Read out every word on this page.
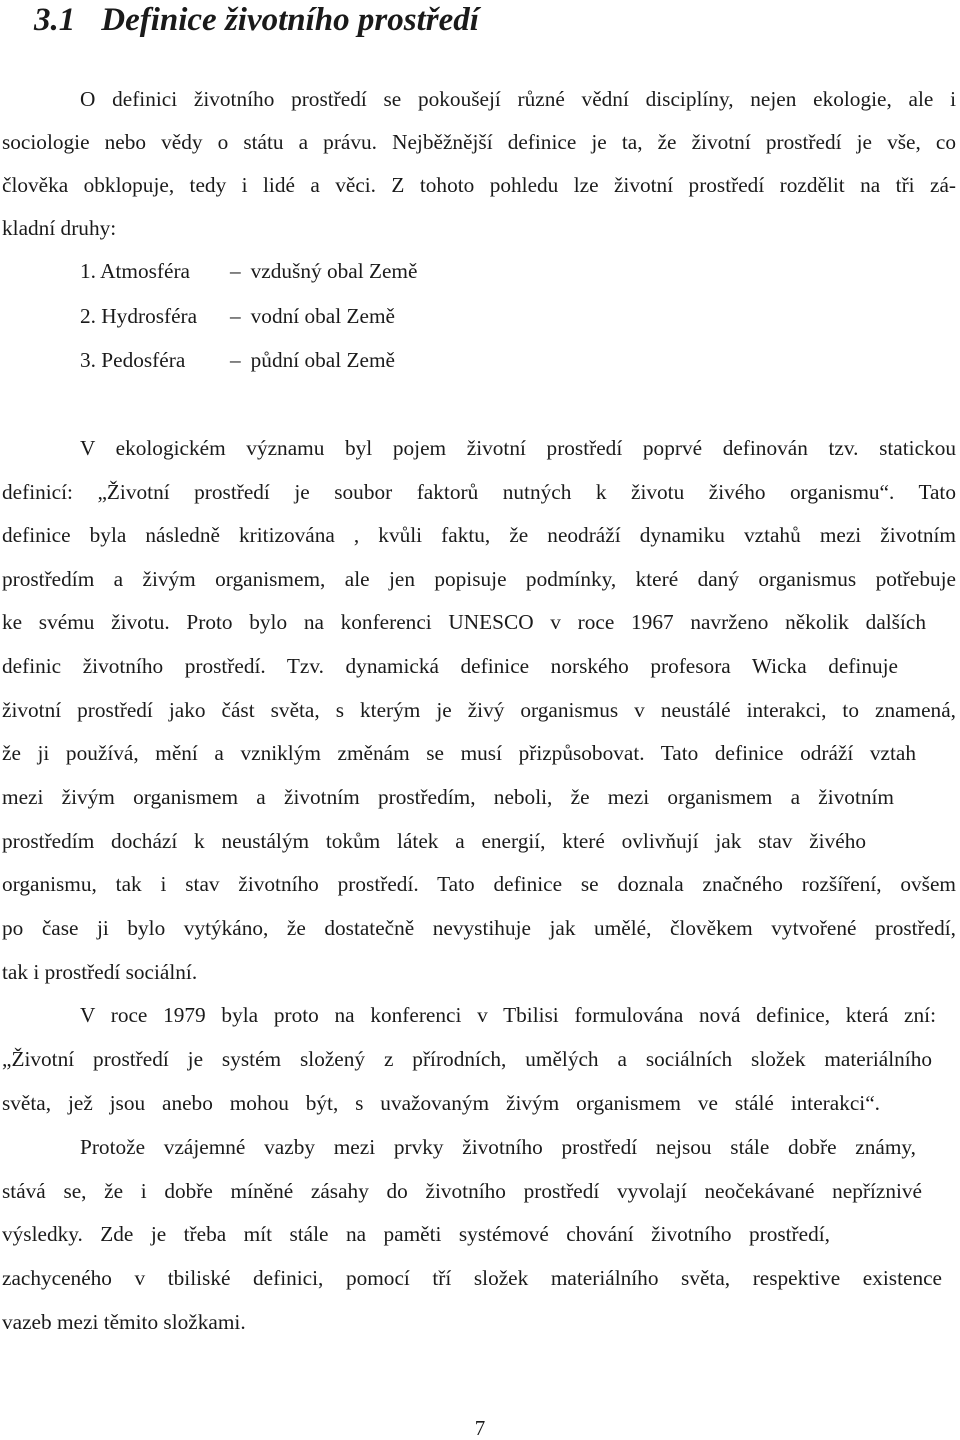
3.1 Definice životního prostředí

O definici životního prostředí se pokoušejí různé vědní disciplíny, nejen ekologie, ale i

sociologie nebo vědy o státu a právu. Nejběžnější definice je ta, že životní prostředí je vše, co

člověka obklopuje, tedy i lidé a věci. Z tohoto pohledu lze životní prostředí rozdělit na tři zá-

kladní druhy:

1. Atmosféra – vzdušný obal Země
2. Hydrosféra – vodní obal Země
3. Pedosféra – půdní obal Země

V ekologickém významu byl pojem životní prostředí poprvé definován tzv. statickou

definicí: „Životní prostředí je soubor faktorů nutných k životu živého organismu“. Tato

definice byla následně kritizována , kvůli faktu, že neodráží dynamiku vztahů mezi životním

prostředím a živým organismem, ale jen popisuje podmínky, které daný organismus potřebuje

ke svému životu. Proto bylo na konferenci UNESCO v roce 1967 navrženo několik dalších

definic životního prostředí. Tzv. dynamická definice norského profesora Wicka definuje

životní prostředí jako část světa, s kterým je živý organismus v neustálé interakci, to znamená,

že ji používá, mění a vzniklým změnám se musí přizpůsobovat. Tato definice odráží vztah

mezi živým organismem a životním prostředím, neboli, že mezi organismem a životním

prostředím dochází k neustálým tokům látek a energií, které ovlivňují jak stav živého

organismu, tak i stav životního prostředí. Tato definice se doznala značného rozšíření, ovšem

po čase ji bylo vytýkáno, že dostatečně nevystihuje jak umělé, člověkem vytvořené prostředí,

tak i prostředí sociální.

V roce 1979 byla proto na konferenci v Tbilisi formulována nová definice, která zní:

„Životní prostředí je systém složený z přírodních, umělých a sociálních složek materiálního

světa, jež jsou anebo mohou být, s uvažovaným živým organismem ve stálé interakci“.

Protože vzájemné vazby mezi prvky životního prostředí nejsou stále dobře známy,

stává se, že i dobře míněné zásahy do životního prostředí vyvolají neočekávané nepříznivé

výsledky. Zde je třeba mít stále na paměti systémové chování životního prostředí,

zachyceného v tbiliské definici, pomocí tří složek materiálního světa, respektive existence

vazeb mezi těmito složkami.

7
